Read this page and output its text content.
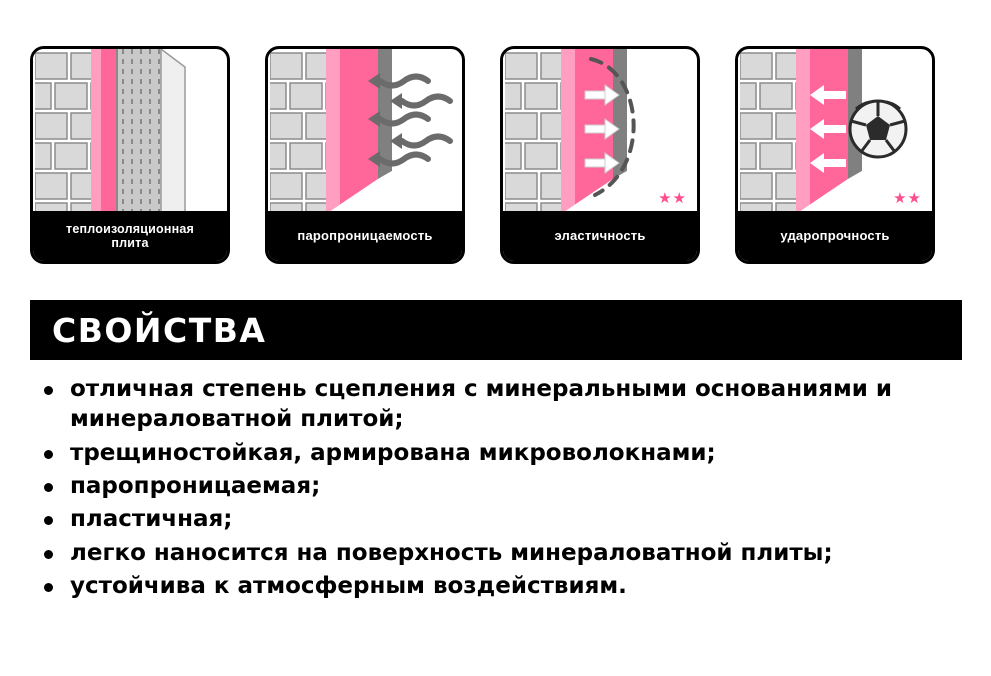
теплоизоляционная
плита
паропроницаемость
★★
эластичность
★★
ударопрочность
СВОЙСТВА
отличная степень сцепления с минеральными основаниями и минераловатной плитой;
трещиностойкая, армирована микроволокнами;
паропроницаемая;
пластичная;
легко наносится на поверхность минераловатной плиты;
устойчива к атмосферным воздействиям.
